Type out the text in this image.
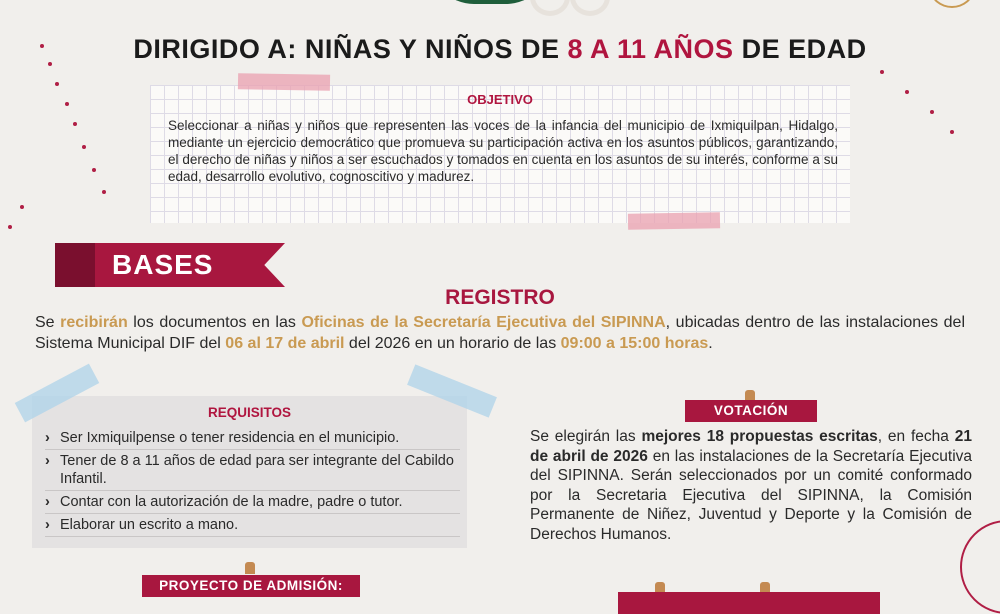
DIRIGIDO A: NIÑAS Y NIÑOS DE 8 A 11 AÑOS DE EDAD
OBJETIVO
Seleccionar a niñas y niños que representen las voces de la infancia del municipio de Ixmiquilpan, Hidalgo, mediante un ejercicio democrático que promueva su participación activa en los asuntos públicos, garantizando, el derecho de niñas y niños a ser escuchados y tomados en cuenta en los asuntos de su interés, conforme a su edad, desarrollo evolutivo, cognoscitivo y madurez.
BASES
REGISTRO
Se recibirán los documentos en las Oficinas de la Secretaría Ejecutiva del SIPINNA, ubicadas dentro de las instalaciones del Sistema Municipal DIF del 06 al 17 de abril del 2026 en un horario de las 09:00 a 15:00 horas.
REQUISITOS
› Ser Ixmiquilpense o tener residencia en el municipio.
› Tener de 8 a 11 años de edad para ser integrante del Cabildo Infantil.
› Contar con la autorización de la madre, padre o tutor.
› Elaborar un escrito a mano.
VOTACIÓN
Se elegirán las mejores 18 propuestas escritas, en fecha 21 de abril de 2026 en las instalaciones de la Secretaría Ejecutiva del SIPINNA. Serán seleccionados por un comité conformado por la Secretaria Ejecutiva del SIPINNA, la Comisión Permanente de Niñez, Juventud y Deporte y la Comisión de Derechos Humanos.
PROYECTO DE ADMISIÓN:
